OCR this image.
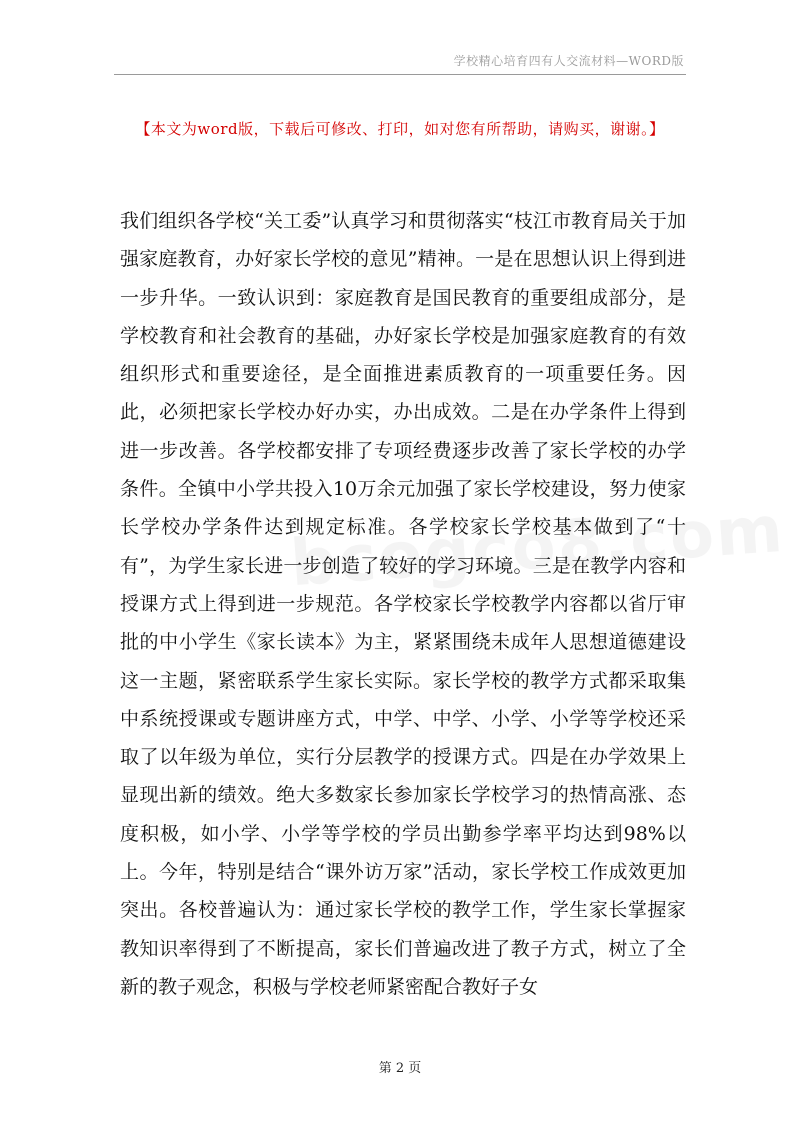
学校精心培育四有人交流材料—WORD版
【本文为word版，下载后可修改、打印，如对您有所帮助，请购买，谢谢。】

我们组织各学校“关工委”认真学习和贯彻落实“枝江市教育局关于加强家庭教育，办好家长学校的意见”精神。一是在思想认识上得到进一步升华。一致认识到：家庭教育是国民教育的重要组成部分，是学校教育和社会教育的基础，办好家长学校是加强家庭教育的有效组织形式和重要途径，是全面推进素质教育的一项重要任务。因此，必须把家长学校办好办实，办出成效。二是在办学条件上得到进一步改善。各学校都安排了专项经费逐步改善了家长学校的办学条件。全镇中小学共投入10万余元加强了家长学校建设，努力使家长学校办学条件达到规定标准。各学校家长学校基本做到了“十有”，为学生家长进一步创造了较好的学习环境。三是在教学内容和授课方式上得到进一步规范。各学校家长学校教学内容都以省厅审批的中小学生《家长读本》为主，紧紧围绕未成年人思想道德建设这一主题，紧密联系学生家长实际。家长学校的教学方式都采取集中系统授课或专题讲座方式，中学、中学、小学、小学等学校还采取了以年级为单位，实行分层教学的授课方式。四是在办学效果上显现出新的绩效。绝大多数家长参加家长学校学习的热情高涨、态度积极，如小学、小学等学校的学员出勤参学率平均达到98%以上。今年，特别是结合“课外访万家”活动，家长学校工作成效更加突出。各校普遍认为：通过家长学校的教学工作，学生家长掌握家教知识率得到了不断提高，家长们普遍改进了教子方式，树立了全新的教子观念，积极与学校老师紧密配合教好子女

第 2 页
